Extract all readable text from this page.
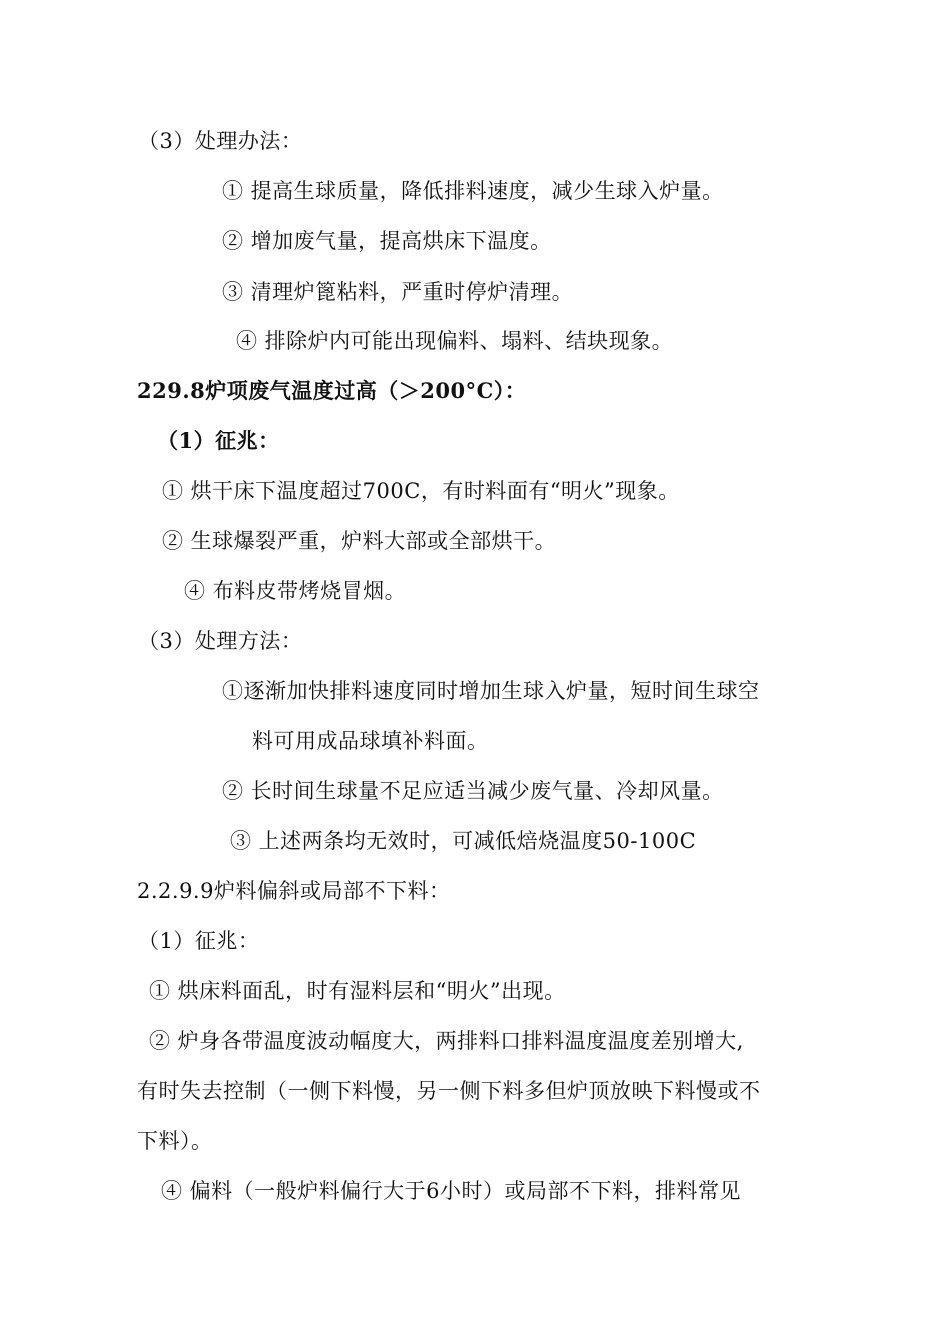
（3）处理办法：
① 提高生球质量，降低排料速度，减少生球入炉量。
② 增加废气量，提高烘床下温度。
③ 清理炉篦粘料，严重时停炉清理。
④ 排除炉内可能出现偏料、塌料、结块现象。
229.8炉项废气温度过高（＞200°C）：
（1）征兆：
① 烘干床下温度超过700C，有时料面有“明火”现象。
② 生球爆裂严重，炉料大部或全部烘干。
④ 布料皮带烤烧冒烟。
（3）处理方法：
①逐渐加快排料速度同时增加生球入炉量，短时间生球空
料可用成品球填补料面。
② 长时间生球量不足应适当减少废气量、冷却风量。
③ 上述两条均无效时，可减低焙烧温度50-100C
2.2.9.9炉料偏斜或局部不下料：
（1）征兆：
① 烘床料面乱，时有湿料层和“明火”出现。
② 炉身各带温度波动幅度大，两排料口排料温度温度差别增大,
有时失去控制（一侧下料慢，另一侧下料多但炉顶放映下料慢或不
下料）。
④ 偏料（一般炉料偏行大于6小时）或局部不下料，排料常见
